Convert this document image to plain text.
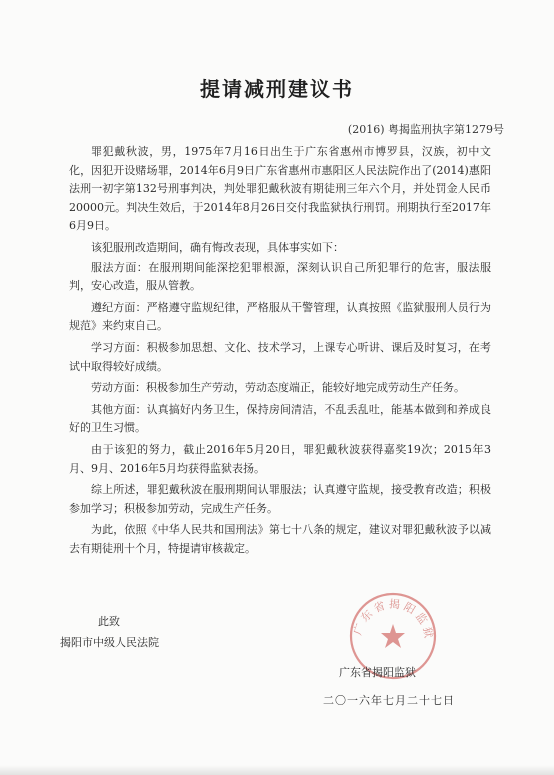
提请减刑建议书
(2016) 粤揭监刑执字第1279号

罪犯戴秋波，男，1975年7月16日出生于广东省惠州市博罗县，汉族，初中文化，因犯开设赌场罪，2014年6月9日广东省惠州市惠阳区人民法院作出了(2014)惠阳法刑一初字第132号刑事判决，判处罪犯戴秋波有期徒刑三年六个月，并处罚金人民币20000元。判决生效后，于2014年8月26日交付我监狱执行刑罚。刑期执行至2017年6月9日。

该犯服刑改造期间，确有悔改表现，具体事实如下：

服法方面：在服刑期间能深挖犯罪根源，深刻认识自己所犯罪行的危害，服法服判，安心改造，服从管教。

遵纪方面：严格遵守监规纪律，严格服从干警管理，认真按照《监狱服刑人员行为规范》来约束自己。

学习方面：积极参加思想、文化、技术学习，上课专心听讲、课后及时复习，在考试中取得较好成绩。

劳动方面：积极参加生产劳动，劳动态度端正，能较好地完成劳动生产任务。

其他方面：认真搞好内务卫生，保持房间清洁，不乱丢乱吐，能基本做到和养成良好的卫生习惯。

由于该犯的努力，截止2016年5月20日，罪犯戴秋波获得嘉奖19次；2015年3月、9月、2016年5月均获得监狱表扬。

综上所述，罪犯戴秋波在服刑期间认罪服法；认真遵守监规，接受教育改造；积极参加学习；积极参加劳动，完成生产任务。

为此，依照《中华人民共和国刑法》第七十八条的规定，建议对罪犯戴秋波予以减去有期徒刑十个月，特提请审核裁定。

此致
揭阳市中级人民法院
广东省揭阳监狱
广东省揭阳监狱
二〇一六年七月二十七日
